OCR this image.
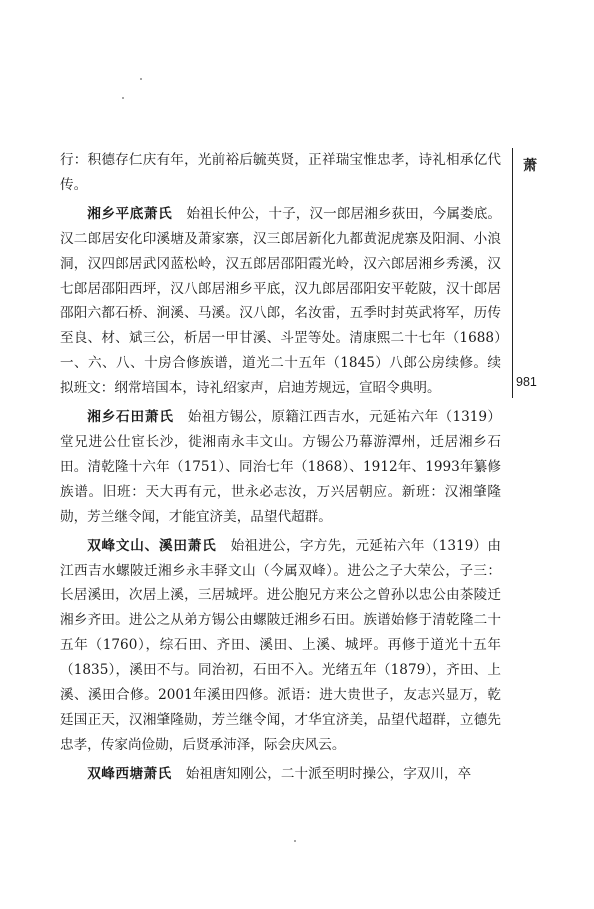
萧
981

行：积德存仁庆有年，光前裕后毓英贤，正祥瑞宝惟忠孝，诗礼相承亿代传。

湘乡平底萧氏 始祖长仲公，十子，汉一郎居湘乡荻田，今属娄底。汉二郎居安化印溪塘及萧家寨，汉三郎居新化九都黄泥虎寨及阳洞、小浪洞，汉四郎居武冈蓝松岭，汉五郎居邵阳霞光岭，汉六郎居湘乡秀溪，汉七郎居邵阳西坪，汉八郎居湘乡平底，汉九郎居邵阳安平乾陂，汉十郎居邵阳六都石桥、涧溪、马溪。汉八郎，名汝雷，五季时封英武将军，历传至良、材、斌三公，析居一甲甘溪、斗罡等处。清康熙二十七年（1688）一、六、八、十房合修族谱，道光二十五年（1845）八郎公房续修。续拟班文：纲常培国本，诗礼绍家声，启迪芳规远，宣昭令典明。

湘乡石田萧氏 始祖方锡公，原籍江西吉水，元延祐六年（1319）堂兄进公仕宦长沙，徙湘南永丰文山。方锡公乃幕游潭州，迁居湘乡石田。清乾隆十六年（1751）、同治七年（1868）、1912年、1993年纂修族谱。旧班：天大再有元，世永必志汝，万兴居朝应。新班：汉湘肇隆勋，芳兰继令闻，才能宜济美，品望代超群。

双峰文山、溪田萧氏 始祖进公，字方先，元延祐六年（1319）由江西吉水螺陂迁湘乡永丰驿文山（今属双峰）。进公之子大荣公，子三：长居溪田，次居上溪，三居城坪。进公胞兄方来公之曾孙以忠公由茶陵迁湘乡齐田。进公之从弟方锡公由螺陂迁湘乡石田。族谱始修于清乾隆二十五年（1760），综石田、齐田、溪田、上溪、城坪。再修于道光十五年（1835），溪田不与。同治初，石田不入。光绪五年（1879），齐田、上溪、溪田合修。2001年溪田四修。派语：进大贵世子，友志兴显万，乾廷国正天，汉湘肇隆勋，芳兰继令闻，才华宜济美，品望代超群，立德先忠孝，传家尚俭勋，后贤承沛泽，际会庆风云。

双峰西塘萧氏 始祖唐知刚公，二十派至明时操公，字双川，卒
